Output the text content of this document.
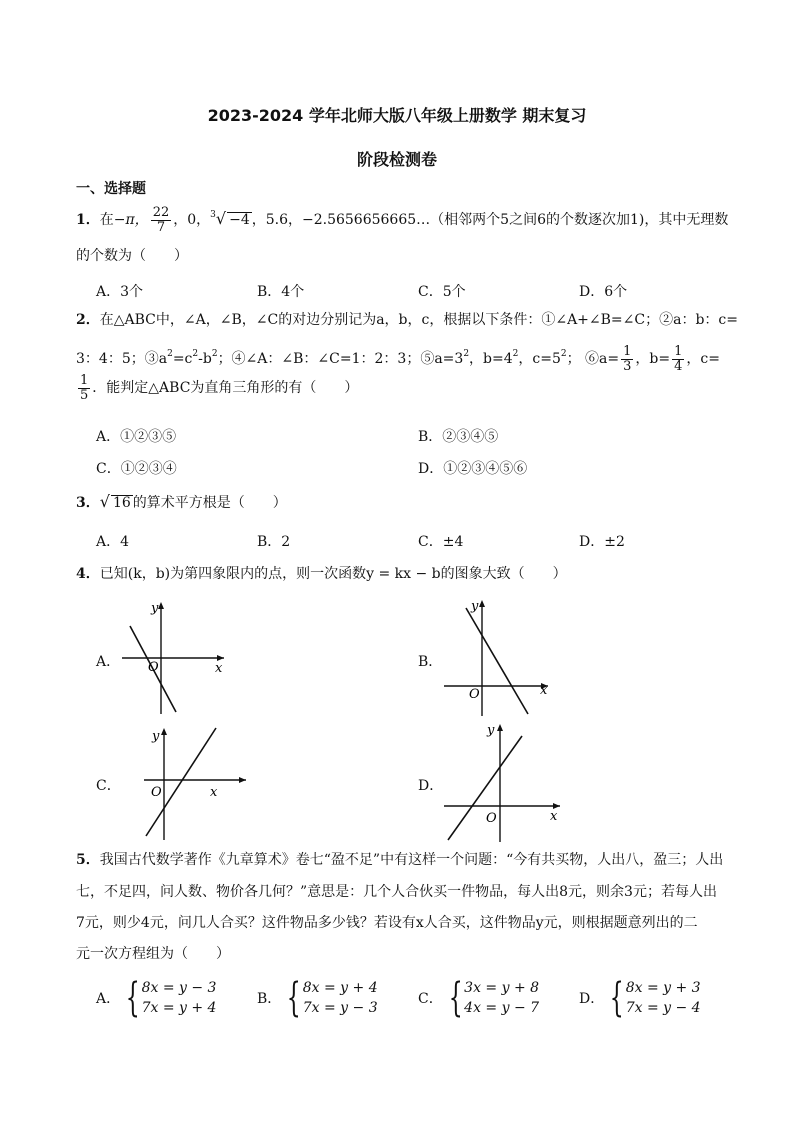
2023-2024 学年北师大版八年级上册数学 期末复习
阶段检测卷
一、选择题
1．在−π， $\frac{22}{7}$ ，0，$^3$√ −4 ，5.6，−2.5656656665…（相邻两个5之间6的个数逐次加1)，其中无理数
的个数为（　　）
A．3个	B．4个	C．5个	D．6个
2．在△ABC中，∠A，∠B，∠C的对边分别记为a，b，c，根据以下条件：①∠A+∠B=∠C；②a：b：c=
3：4：5；$③a^2=c^2-b^2$；④∠A：∠B：∠C=1：2：3；$⑤a=3^2$，$b=4^2$，$c=5^2$； ⑥a= $\frac{1}{3}$ ，$b= \frac{1}{4}$ ，c=
$\frac{1}{5}$ ．能判定△ABC为直角三角形的有（　　）
A．①②③⑤	B．②③④⑤
C．①②③④	D．①②③④⑤⑥
3．√ 16 的算术平方根是（　　）
A．4	B．2	C．±4	D．±2
4．已知(k，b)为第四象限内的点，则一次函数y = kx − b的图象大致（　　）
A．
y
x
O	B．
y
x
O
C．
y
x
O	D．
y
x
O
5．我国古代数学著作《九章算术》卷七“盈不足”中有这样一个问题：“今有共买物，人出八，盈三；人出
七，不足四，问人数、物价各几何？”意思是：几个人合伙买一件物品，每人出8元，则余3元；若每人出
7元，则少4元，问几人合买？这件物品多少钱？若设有x人合买，这件物品y元，则根据题意列出的二
元一次方程组为（　　）
A． { 8x = y − 3
7x = y + 4
B． { 8x = y + 4
7x = y − 3
C． { 3x = y + 8
4x = y − 7
D． { 8x = y + 3
7x = y − 4
